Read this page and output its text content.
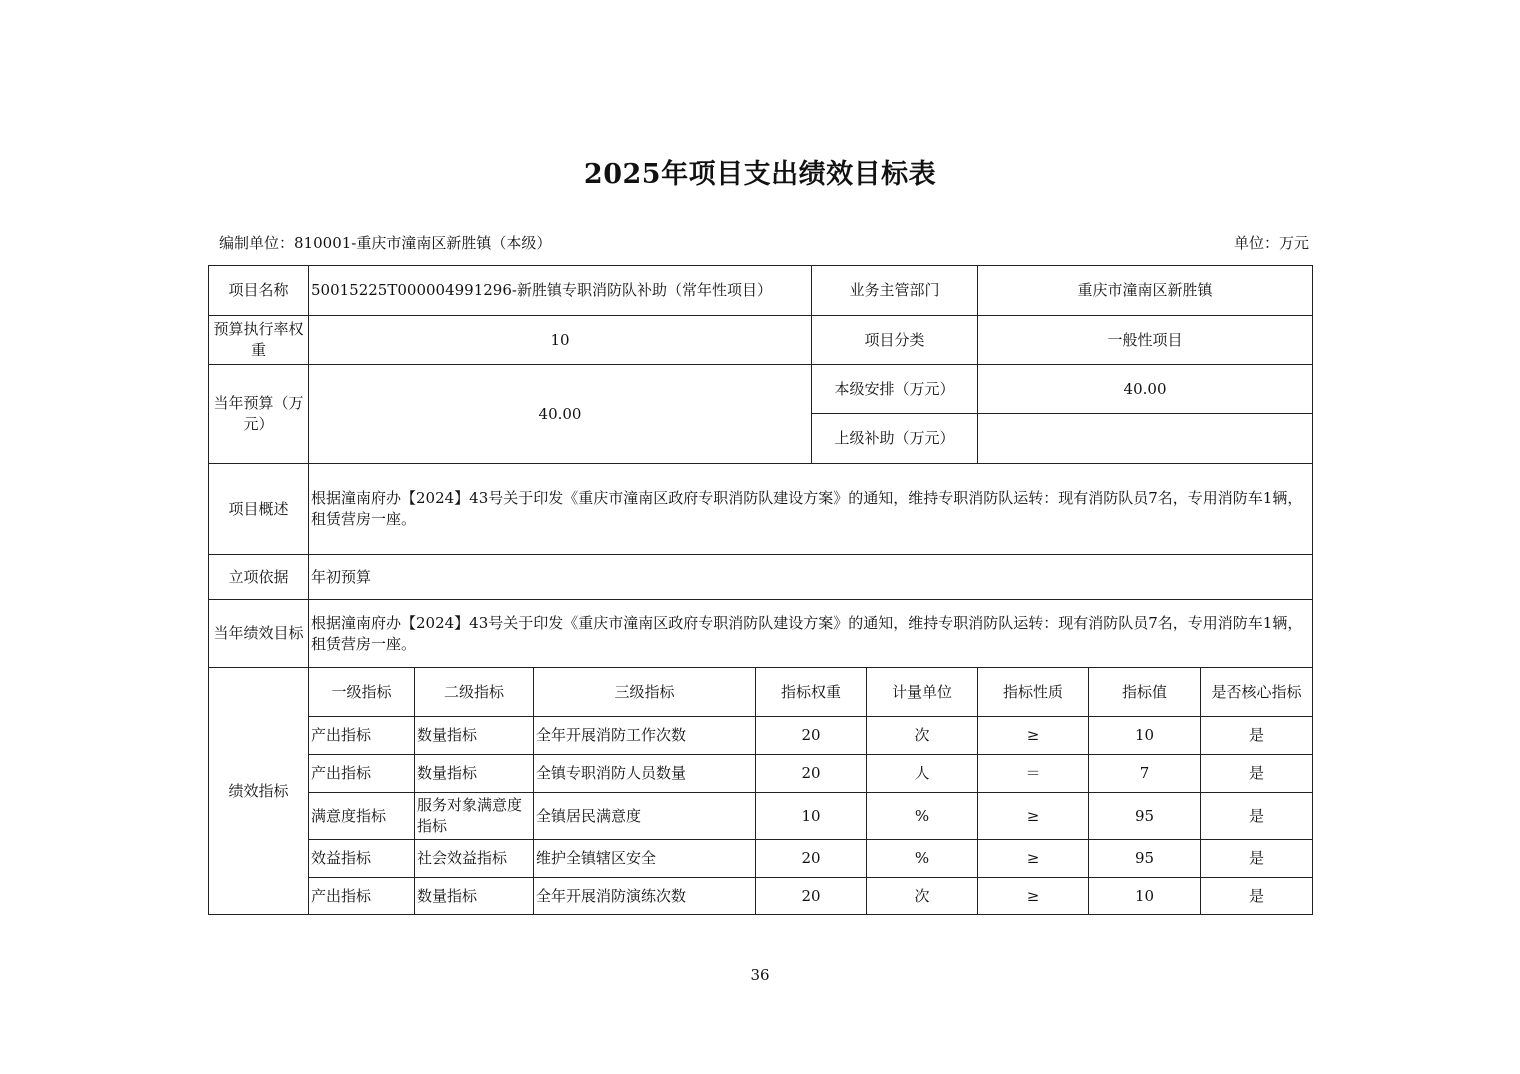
2025年项目支出绩效目标表
编制单位：810001-重庆市潼南区新胜镇（本级）	单位：万元
项目名称	50015225T000004991296-新胜镇专职消防队补助（常年性项目）				业务主管部门		重庆市潼南区新胜镇		
预算执行率权重	10				项目分类		一般性项目		
当年预算（万元）	40.00				本级安排（万元）		40.00		
					上级补助（万元）				
项目概述	根据潼南府办【2024】43号关于印发《重庆市潼南区政府专职消防队建设方案》的通知，维持专职消防队运转：现有消防队员7名，专用消防车1辆，租赁营房一座。								
立项依据	年初预算								
当年绩效目标	根据潼南府办【2024】43号关于印发《重庆市潼南区政府专职消防队建设方案》的通知，维持专职消防队运转：现有消防队员7名，专用消防车1辆，租赁营房一座。								
绩效指标	一级指标	二级指标	三级指标	指标权重		计量单位	指标性质	指标值	是否核心指标
	产出指标	数量指标	全年开展消防工作次数	20		次	≥	10	是
	产出指标	数量指标	全镇专职消防人员数量	20		人	＝	7	是
	满意度指标	服务对象满意度指标	全镇居民满意度	10		%	≥	95	是
	效益指标	社会效益指标	维护全镇辖区安全	20		%	≥	95	是
	产出指标	数量指标	全年开展消防演练次数	20		次	≥	10	是
36
